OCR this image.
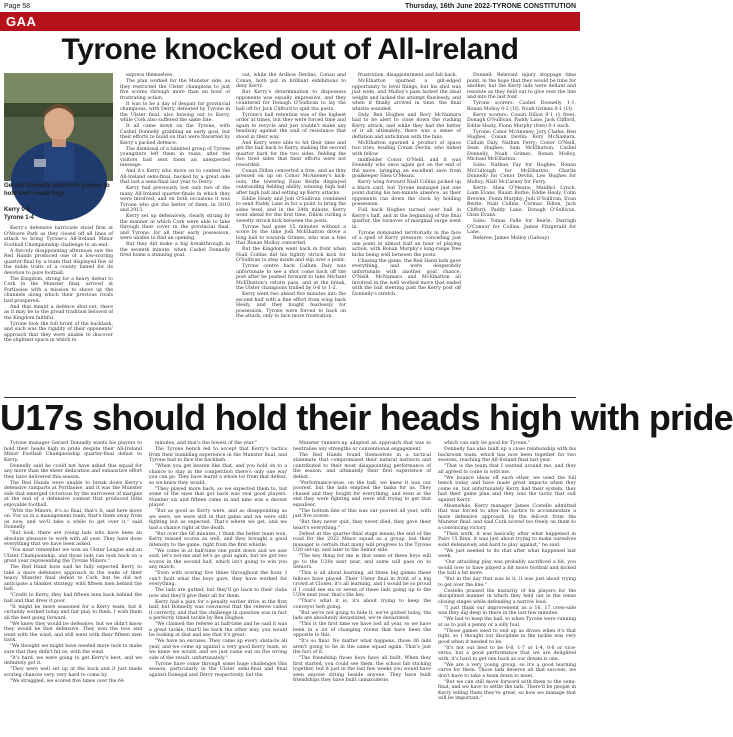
Page 58	Thursday, 16th June 2022-TYRONE CONSTITUTION
GAA
Tyrone knocked out of All-Ireland
Gerard Donnelly wants his players to hold their heads high.
Kerry 0-8
Tyrone 1-4

Kerry's defensive barricade stood firm at O'Moore Park as they closed off all lines of attack to bring Tyrone's All-Ireland Minor Football Championship challenge to an end.

A fiercely disappointing afternoon saw the Red Hands produced one of a low-scoring quarter-final by a team that displayed few of the noble traits of a county famed for its devotion to pure football.

The Kingdom, strong for a heavy defeat to Cork in the Munster final, arrived at Portlaoise with a mission to shove up the channels along which their previous rivals had prospered.

And that meant a defence shut-out, there as it may be to the proud tradition beloved of the Kingdom faithful.

Tyrone took the full brunt of the backlash, and such was the rigidity of their opponents' approach that they were unable to discover the slightest space in which to

express themselves.

The plan worked for the Munster side, as they restricted the Ulster champions to just five scores through more than an hour of frustrating action.

It was to be a day of despair for provincial champions, with Derry, defeated by Tyrone in the Ulster final, also bowing out to Kerry, while Cork also suffered the same fate.

It all came down on the Tyrone, with Cashel Donnelly grabbing an early goal, but their efforts to build on that were thwarted by Kerry's packed defence.

The dismissal of a talented group of Tyrone youngsters left them in ruins, after the visitors had sent them an unexpected message.

And it's Kerry who move on to contest the All-Ireland semi-final, backed by a great side that lost a semi-final last year to Derry.

Kerry had previously lost only two of the many All-Ireland quarter-finals in which they were involved, and on both occasions it was Tyrone who got the better of them, in 2010 and 2013.

Kerry set up defensively, clearly strung by the manner in which Cork were able to take through their cover in the provincial final, and Tyrone, for all their early possession, were unable to find an opening.

But they did make a big breakthrough in the seventh minute, when Cashel Donnelly fired home a stunning goal.

out, while the Ardboe Devlins, Conan and Conan, both put in brilliant exhibitions to deny Kerry.

But Kerry's determination to dispossess opponents was equally impressive, and they countered for Donagh O'Sullivan to lay the ball off for Jack Clifford to split the posts.

Tyrone's ball retention was of the highest order at times, but they were forced time and again to recycle and just couldn't make any headway against the wall of resistance that stood in their way.

And Kerry were able to hit their time and get the ball back to Kerry, making the second quarter hard for the two sides, fielding the two tired sides that their efforts were not rewarded.

Conan Dillon converted a free, and as they pressed on up on Conor McAneney's kick-outs, the towering Evan Beirle displayed outstanding fielding ability, winning high ball after high ball and setting up Kerry attacks.

Eddie Healy and Jodi O'Sullivan combined to send Paddy Lane in for a point to bring the sides level, and in the 24th minute, Kerry went ahead for the first time, Dillon curling a sweetly struck kick between the posts.

Tyrone had gone 15 minutes without a score by the time Jodi McElhatton drove a long ball to towards Grimes, who was a free that Ronan Molloy converted.

But the Kingdom went back in front when Niall Collins did his tightly struck kick for O'Sullivan to step inside and slip over a point.

Tyrone centre back Callum Daly was unfortunate to see a shot come back off the post after he pushed forward to take Michael McElhatton's return pass, and at the break, the Ulster champions trailed by 0-6 to 1-2.

Kerry went two ahead five minutes into the second half with a fine effort from wing back Healy, and they fought fearlessly for possession, Tyrone were forced to back on the attack, only to face more frustration.

frustration, disappointment and fall back.

McElhatton spurned a gilt-edged opportunity to level things, but his shot was just wide, and Molloy's pass lacked the ideal weight and lacked the attempt flawlessly, and when it finally arrived in time, the final whistle sounded.

Duly, Ben Hughes and Rory McNamara had to be alert to close down the rushing Kerry attack, and while they had the better of it all ultimately, there was a sense of deflation and anticlimax with the fans.

McElhatton spurned a product of space two tries, leading Conan Devlin, who linked with fellow

midfielder Conor O'Neill, and it was Donnelly who once again got on the end of the move, bringing an excellent save from goalkeeper Shea O'Meara.

Kerry wing forward Niall Collins picked up a black card, but Tyrone managed just one point during his ten-minute absence, as their opponents ran down the clock by holding possession.

Full back Hughes turned over ball in Kerry's half, and at the beginning of the final quarter, the turnover of marginal surge went in.

Tyrone dominated territorially in the face of a spell of Kerry pressure, conceding just one point in almost half an hour of playing action, with Ronan Murphy's long-range free kicks being well between the posts.

Chasing the game, the Red Hand lads gave everything, and were desperately unfortunate with another goal chance, O'Neill, McNamara and McElhatton all involved in the well worked move that ended with the ball steering past the Kerry post off Donnelly's stretch.

Donnell: Relevant injury stoppage time point, in the hope that they would be time for another, but the Kerry lads were defiant and resolute as they held out to give over the line and into the last four.

Tyrone scorers: Cashel Donnelly 1-1, Ronan Molloy 0-2 (1f), Noah Grimes 0-1 (1f).

Kerry scorers: Conan Dillon 0-1 (1 free), Donagh O'Sullivan, Paddy Lane, Jack Clifford, Eddie Healy, Fionn Murphy (free) 0-1 each.

Tyrone: Conor McAneney; Jory Clarke, Ben Hughes, Conan Devlin; Rory McNamara, Callum Daly, Nathan Ferry; Conor O'Neill, Sean Hughes; Sam McElhatton, Cashel Donnelly, Noah Grimes, Ronan Molloy, Michael McElhatton.

Subs: Nathan Fay for Hughes, Ronan McCullough for McElhatton, Charlie Donnelly for Conor Devlin, Leo Hughes for Molloy, Niall McCarney for Ferry.

Kerry: Shea O'Meara; Maidhci Lynch, Liam Evans, Ruairi Burke; Eddie Healy, Colm Browne, Fionn Murphy; Jodi O'Sullivan, Evan Beirle; Niall Collins, Cormac Dillon, Jack Clifford; Paddy Lane, Donagh O'Sullivan, Oisin Evans.

Subs: Tomas Falle for Beirle, Darragh O'Connor for Collins, James Fitzgerald for Lane.

Referee: James Molloy (Galway).

U17s should hold their heads high with pride

Tyrone manager Gerard Donnelly wants his players to hold their heads high in pride despite their All-Ireland Minor Football Championship quarter-final defeat to Kerry.

Donnelly said he could not have asked this squad for any more than the sheer dedication and exhaustive effort they have delivered this season.

The Red Hands were unable to break down Kerry's defensive ramparts at Portlaoise, and it was the Munster side that emerged victorious by the narrowest of margins at the end of a defensive contest that produced little enjoyable football.

"With the Minors, it's so final, that's it, and here move on. For us in a management team, that's them away from us now, and we'll take a while to get over it," said Donnelly.

"But look, there are young lads who have been an absolute pleasure to work with all year. They have done everything that we have been asked.

"You must remember we won an Ulster League and an Ulster Championship, and those lads can look back on a great year representing the Tyrone Minors."

The Red Hand boss said he fully expected Kerry to take a more defensive approach in the wake of their heavy Munster final defeat to Cork, but he did not anticipate a blanket strategy, with fifteen men behind the ball.

"Credit to Kerry, they had fifteen men back behind the ball and that drew it poor.

"It might be more seasoned for a Kerry team, but it certainly worked today and fair play to them. I wish them all the best going forward.

"We knew they would be defensive, but we didn't know they would be that defensive. They won the toss and went with the wind, and still went with their fifteen men back.

"We thought we might have needed more luck to make sure that they didn't hit us, with the wind.

"It's hard, we were going to get Kerry's best, and we definitely got it.

"They were well set up at the back and it just made scoring chances very, very hard to come by.

"We struggled, we scored five times over the 64

minutes, and that's the lowest of the year."

The Tyrone bench led to accept that Kerry's tactics from their humbling experience in the Munster final, and Tyrone had to face the backlash.

"When you get beaten like that, and you hold on to a chance to stay in the competition there's only one way you can go. They have learnt a whole lot from that defeat, so we knew they would.

"They played more back, so we expected them to, but some of the ones that got back was real good players. Number six and fifteen came in and nine was a decent player.

"But as good as Kerry were, and as disappointing as we were, we were still in that game and we were still fighting but as expected. That's where we get, and we had a chance right at the death.

"But over the 66 minutes, I think the better team won. Kerry missed scores as well, and they brought a good intensity to the game, right from the first whistle.

"We come in at half-time one point down and we saw said, let's not-me and let's go goal again, but we got two scores in the second half, which isn't going to win you any match.

"Even with scoring five times throughout the hour, I can't fault what the boys gave, they have worked for everything.

The lads are gutted, but they'll go back to their clubs now and they'll give their all for them.

Kerry had a plan for a penalty earlier drive in the first half, but Donnelly was convinced that the referee called it correctly, and that the challenge in question was in fact a perfectly timed tackle by Ben Hughes.

"We claimed the referee at half-time and he said it was a great tackle, that'll be back the other way, you would be looking at that and see that it's great.

"We have no excuses. They came up every obstacle all year, and we come up against a very good Kerry team, so we knew we would, and we just came out on the wrong side of the result, unfortunately."

Tyrone have come through some huge challenges this season, particularly in the Ulster semi-final and final against Donegal and Derry respectively, but the

Munster runners-up adapted an approach that was to neutralise any strengths or conventional engagement.

The Red Hands found themselves in a tactical stalemate that compromised their natural instincts and contributed to their most disappointing performance of the season, and ultimately their first experience of defeat.

"Performance-wise, on the ball, we knew it was our poorest, but the lads emptied the tanks for us. They chased and they fought for everything, and even at the end they were fighting and were still trying to get that equaliser.

"The bottom line of this was our poorest all year, with just five scores.

"But they never quit, they never died, they gave their heart's everything."

Defeat at the quarter-final stage means the end of the road for the 2022 Minor squad as a group, but their manager is certain that many will progress to the Tyrone U20 set-up, and later to the Senior side.

"The key thing for me is that some of these boys will go to the U20s next year, and some will pass on to Seniors.

"This is all about learning, all these big games these fellows have played. Their Ulster final in front of a big crowd at Clones, it's all learning, and I would be so proud if I could see six or seven of these lads going up to the U20s next year, that's the key.

"That's what it is, it's about trying to keep the conveyor belt going.

"But we're not going to hide it, we're gutted today, the lads are absolutely devastated, we're devastated.

"This is the first time we have lost all year, so we have been in a lot of changing rooms that have been the opposite to this.

"It's so final. No matter what happens, those 36 lads aren't going to be in the same squad again. That's just the fact of it.

"The friendship those boys have all built. When they first started, you could see them, the school fab sticking together, but it just in the last few weeks you would have seen anyone sitting beside anyone. They have built friendships they have built camaraderie,

which can only be good for Tyrone."

Donnelly has also built up a close relationship with his backroom team, which has now been together for two seasons, reaching the All-Ireland final last year.

"That is the team that I wanted around me, and they all agreed to come in with me.

"We bounce ideas off each other, we used the full bench today and have made great impacts when they come on, but unfortunately Kerry had their system, they had their game plan and they was the tactic that suit against Kerry.

Meanwhile, Kerry manager James Costello admitted that was forced to alter his tactics to accommodate a more defensive approach by the fell-out from the Munster final, and said Cork scored too freely on them to a convincing victory.

"Then work, it was basically after what happened in Pairc Ui Rinn, it was just about trying to make ourselves solid defensively and hard to play against," he said.

"We just needed to do that after what happened last week.

"Our attacking play was probably sacrificed a bit, you would love to have played a bit more football and kicked the ball a bit more.

"But in the day that was in it, it was just about trying to get over the line."

Costello praised the maturity of his players for the disciplined manner in which they held out in the tense closing stages while defending a narrow lead.

"I just think our improvement as a 16, 17 crew-side was they dig deep in there in the last few minutes.

"We had to keep the ball, to when Tyrone were running at us to pull a penny or a silly foul.

"Those games used to end up as draws when it's that tight, so I thought our discipline in the tackle was very good when it needed to be.

"It's not our best to be 0-8, 1-7 or 1-4, 0-8 or vice-versa, but a good performance that we are delighted with, it's hard to get one back as our dream is one.

"We are a very young group, so it's a good learning curve for them. Those lads deserve all that success, we don't have to take a team down to meet.

"But we can still move forward with them to the semi-final, and we have to settle the lads. There'll be people in Kerry telling them they're great, so how we manage that will be important."
